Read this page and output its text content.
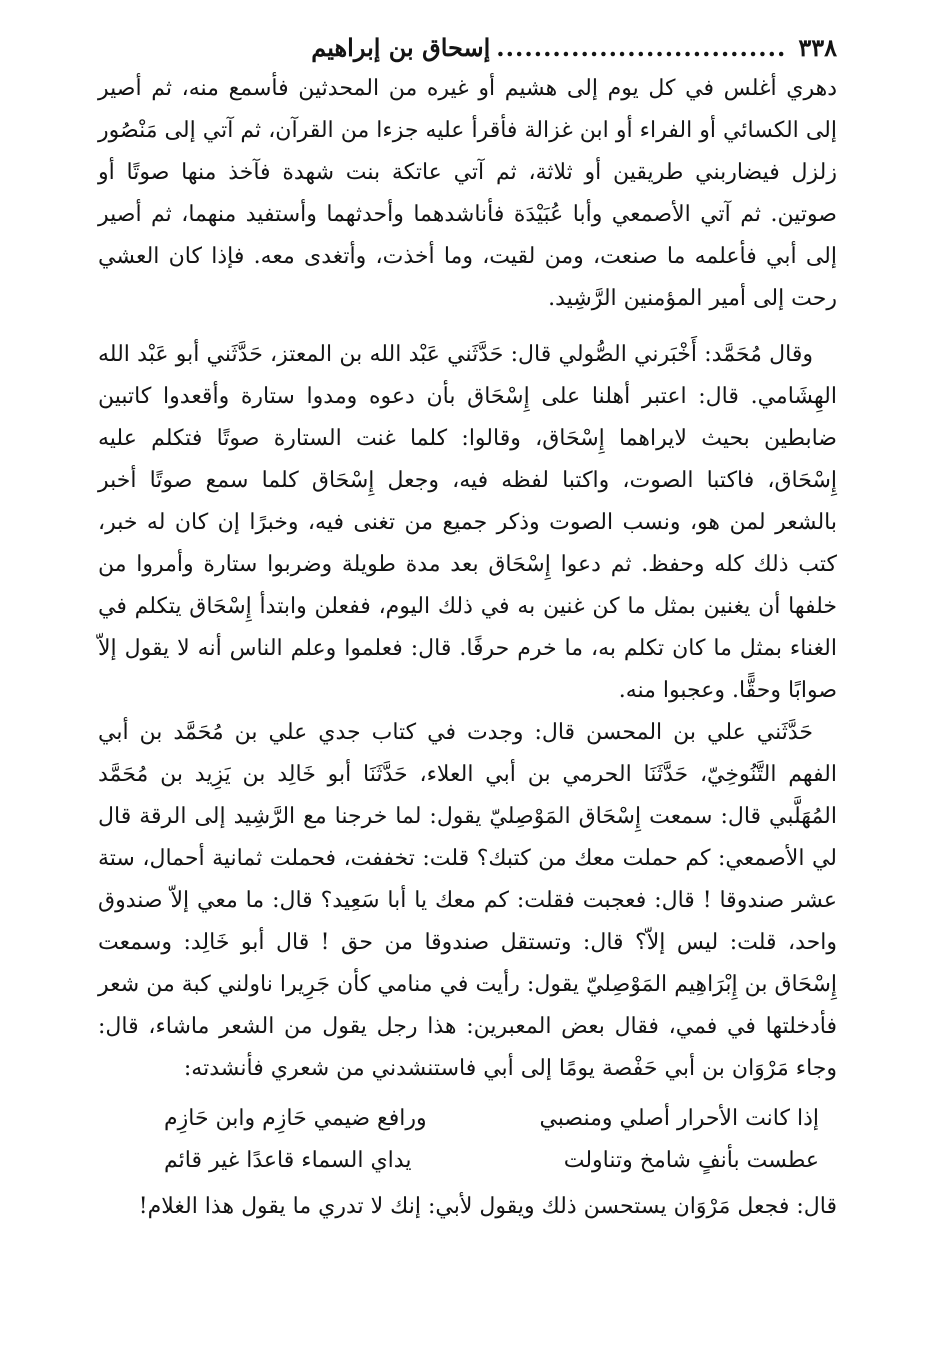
٣٣٨
...............................
إسحاق بن إبراهيم

دهري أغلس في كل يوم إلى هشيم أو غيره من المحدثين فأسمع منه، ثم أصير إلى الكسائي أو الفراء أو ابن غزالة فأقرأ عليه جزءا من القرآن، ثم آتي إلى مَنْصُور زلزل فيضاربني طريقين أو ثلاثة، ثم آتي عاتكة بنت شهدة فآخذ منها صوتًا أو صوتين. ثم آتي الأصمعي وأبا عُبَيْدَة فأناشدهما وأحدثهما وأستفيد منهما، ثم أصير إلى أبي فأعلمه ما صنعت، ومن لقيت، وما أخذت، وأتغدى معه. فإذا كان العشي رحت إلى أمير المؤمنين الرَّشِيد.

وقال مُحَمَّد: أَخْبَرني الصُّولي قال: حَدَّثَني عَبْد الله بن المعتز، حَدَّثَني أبو عَبْد الله الهِشَامي. قال: اعتبر أهلنا على إِسْحَاق بأن دعوه ومدوا ستارة وأقعدوا كاتبين ضابطين بحيث لايراهما إِسْحَاق، وقالوا: كلما غنت الستارة صوتًا فتكلم عليه إِسْحَاق، فاكتبا الصوت، واكتبا لفظه فيه، وجعل إِسْحَاق كلما سمع صوتًا أخبر بالشعر لمن هو، ونسب الصوت وذكر جميع من تغنى فيه، وخبرًا إن كان له خبر، كتب ذلك كله وحفظ. ثم دعوا إِسْحَاق بعد مدة طويلة وضربوا ستارة وأمروا من خلفها أن يغنين بمثل ما كن غنين به في ذلك اليوم، ففعلن وابتدأ إِسْحَاق يتكلم في الغناء بمثل ما كان تكلم به، ما خرم حرفًا. قال: فعلموا وعلم الناس أنه لا يقول إلاّ صوابًا وحقًّا. وعجبوا منه.

حَدَّثَني علي بن المحسن قال: وجدت في كتاب جدي علي بن مُحَمَّد بن أبي الفهم التَّنُوخِيّ، حَدَّثَنَا الحرمي بن أبي العلاء، حَدَّثَنَا أبو خَالِد بن يَزِيد بن مُحَمَّد المُهَلَّبي قال: سمعت إِسْحَاق المَوْصِليّ يقول: لما خرجنا مع الرَّشِيد إلى الرقة قال لي الأصمعي: كم حملت معك من كتبك؟ قلت: تخففت، فحملت ثمانية أحمال، ستة عشر صندوقا ! قال: فعجبت فقلت: كم معك يا أبا سَعِيد؟ قال: ما معي إلاّ صندوق واحد، قلت: ليس إلاّ؟ قال: وتستقل صندوقا من حق ! قال أبو خَالِد: وسمعت إِسْحَاق بن إِبْرَاهِيم المَوْصِليّ يقول: رأيت في منامي كأن جَرِيرا ناولني كبة من شعر فأدخلتها في فمي، فقال بعض المعبرين: هذا رجل يقول من الشعر ماشاء، قال: وجاء مَرْوَان بن أبي حَفْصة يومًا إلى أبي فاستنشدني من شعري فأنشدته:

إذا كانت الأحرار أصلي ومنصبي
ورافع ضيمي حَازِم وابن حَازِم
عطست بأنفٍ شامخ وتناولت
يداي السماء قاعدًا غير قائم

قال: فجعل مَرْوَان يستحسن ذلك ويقول لأبي: إنك لا تدري ما يقول هذا الغلام!
